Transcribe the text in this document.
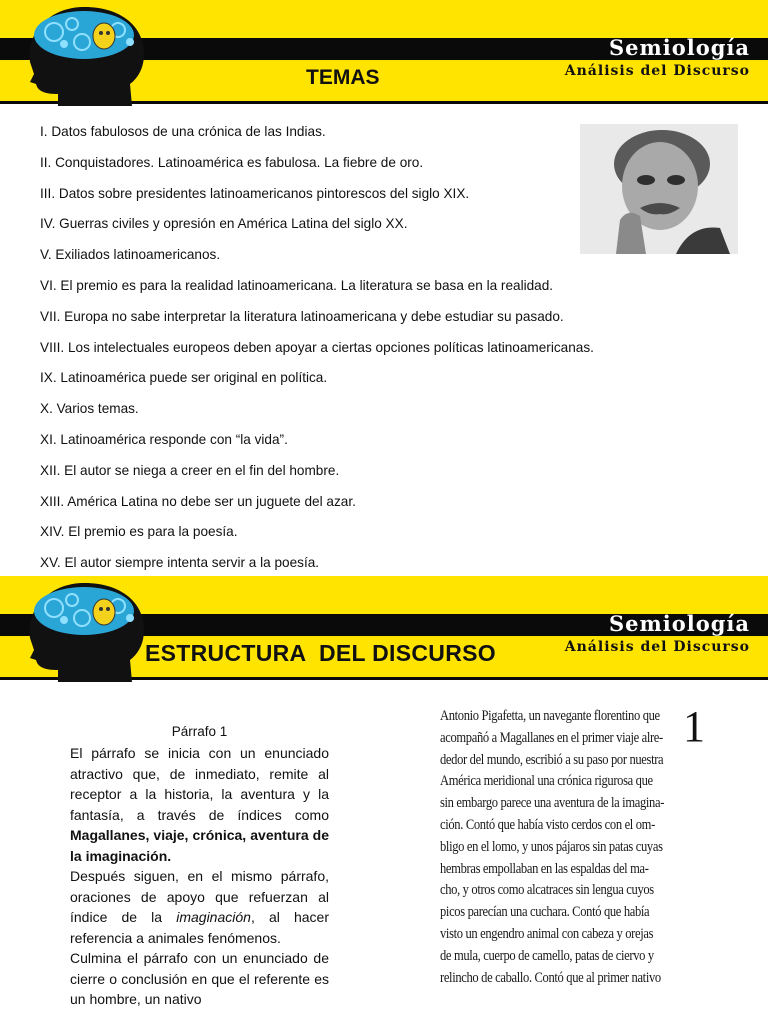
Semiología
Análisis del Discurso
TEMAS
I. Datos fabulosos de una crónica de las Indias.
II. Conquistadores. Latinoamérica es fabulosa. La fiebre de oro.
III. Datos sobre presidentes latinoamericanos pintorescos del siglo XIX.
IV. Guerras civiles y opresión en América Latina del siglo XX.
V. Exiliados latinoamericanos.
VI. El premio es para la realidad latinoamericana. La literatura se basa en la realidad.
VII. Europa no sabe interpretar la literatura latinoamericana y debe estudiar su pasado.
VIII. Los intelectuales europeos deben apoyar a ciertas opciones políticas latinoamericanas.
IX. Latinoamérica puede ser original en política.
X. Varios temas.
XI. Latinoamérica responde con “la vida”.
XII. El autor se niega a creer en el fin del hombre.
XIII. América Latina no debe ser un juguete del azar.
XIV. El premio es para la poesía.
XV. El autor siempre intenta servir a la poesía.
Semiología
Análisis del Discurso
ESTRUCTURA  DEL DISCURSO
Párrafo 1

El párrafo se inicia con un enunciado atractivo que, de inmediato, remite al receptor a la historia, la aventura y la fantasía, a través de índices como Magallanes, viaje, crónica, aventura de la imaginación.

Después siguen, en el mismo párrafo, oraciones de apoyo que refuerzan al índice de la imaginación, al hacer referencia a animales fenómenos.

Culmina el párrafo con un enunciado de cierre o conclusión en que el referente es un hombre, un nativo

Antonio Pigafetta, un navegante florentino que
acompañó a Magallanes en el primer viaje alre-
dedor del mundo, escribió a su paso por nuestra
América meridional una crónica rigurosa que
sin embargo parece una aventura de la imagina-
ción. Contó que había visto cerdos con el om-
bligo en el lomo, y unos pájaros sin patas cuyas
hembras empollaban en las espaldas del ma-
cho, y otros como alcatraces sin lengua cuyos
picos parecían una cuchara. Contó que había
visto un engendro animal con cabeza y orejas
de mula, cuerpo de camello, patas de ciervo y
relincho de caballo. Contó que al primer nativo
1
